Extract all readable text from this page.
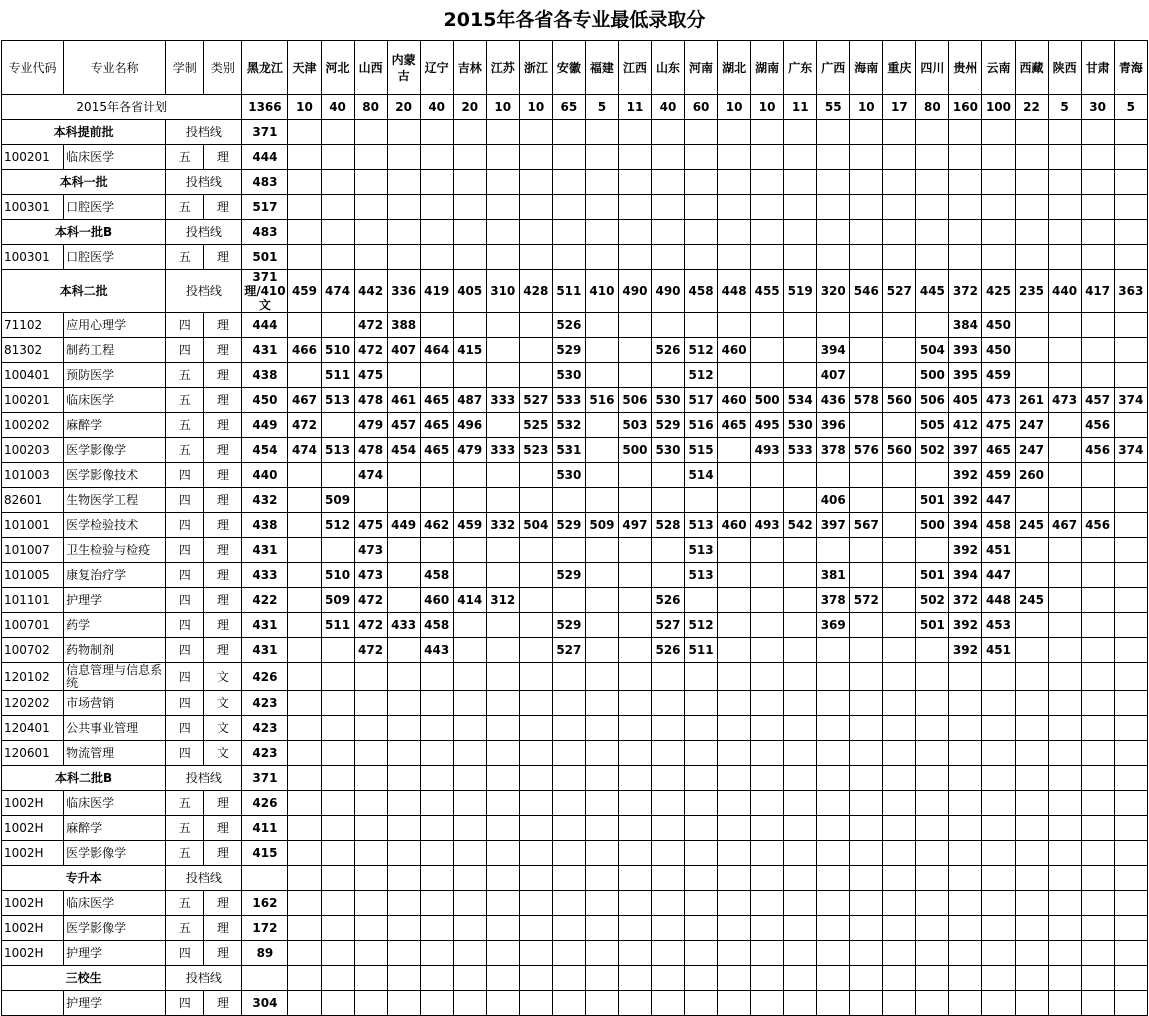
2015年各省各专业最低录取分
专业代码	专业名称	学制	类别	黑龙江	天津	河北	山西	内蒙古	辽宁	吉林	江苏	浙江	安徽	福建	江西	山东	河南	湖北	湖南	广东	广西	海南	重庆	四川	贵州	云南	西藏	陕西	甘肃	青海
2015年各省计划				1366	10	40	80	20	40	20	10	10	65	5	11	40	60	10	10	11	55	10	17	80	160	100	22	5	30	5
本科提前批		投档线		371																										
100201	临床医学	五	理	444																										
本科一批		投档线		483																										
100301	口腔医学	五	理	517																										
本科一批B		投档线		483																										
100301	口腔医学	五	理	501																										
本科二批		投档线		371理/410文	459	474	442	336	419	405	310	428	511	410	490	490	458	448	455	519	320	546	527	445	372	425	235	440	417	363
71102	应用心理学	四	理	444			472	388					526												384	450				
81302	制药工程	四	理	431	466	510	472	407	464	415			529			526	512	460			394			504	393	450				
100401	预防医学	五	理	438		511	475						530				512				407			500	395	459				
100201	临床医学	五	理	450	467	513	478	461	465	487	333	527	533	516	506	530	517	460	500	534	436	578	560	506	405	473	261	473	457	374
100202	麻醉学	五	理	449	472		479	457	465	496		525	532		503	529	516	465	495	530	396			505	412	475	247		456	
100203	医学影像学	五	理	454	474	513	478	454	465	479	333	523	531		500	530	515		493	533	378	576	560	502	397	465	247		456	374
101003	医学影像技术	四	理	440			474						530				514								392	459	260			
82601	生物医学工程	四	理	432		509															406			501	392	447				
101001	医学检验技术	四	理	438		512	475	449	462	459	332	504	529	509	497	528	513	460	493	542	397	567		500	394	458	245	467	456	
101007	卫生检验与检疫	四	理	431			473										513								392	451				
101005	康复治疗学	四	理	433		510	473		458				529				513				381			501	394	447				
101101	护理学	四	理	422		509	472		460	414	312					526					378	572		502	372	448	245			
100701	药学	四	理	431		511	472	433	458				529			527	512				369			501	392	453				
100702	药物制剂	四	理	431			472		443				527			526	511								392	451				
120102	信息管理与信息系统	四	文	426																										
120202	市场营销	四	文	423																										
120401	公共事业管理	四	文	423																										
120601	物流管理	四	文	423																										
本科二批B		投档线		371																										
1002H	临床医学	五	理	426																										
1002H	麻醉学	五	理	411																										
1002H	医学影像学	五	理	415																										
专升本		投档线																												
1002H	临床医学	五	理	162																										
1002H	医学影像学	五	理	172																										
1002H	护理学	四	理	89																										
三校生		投档线																												
	护理学	四	理	304																										
